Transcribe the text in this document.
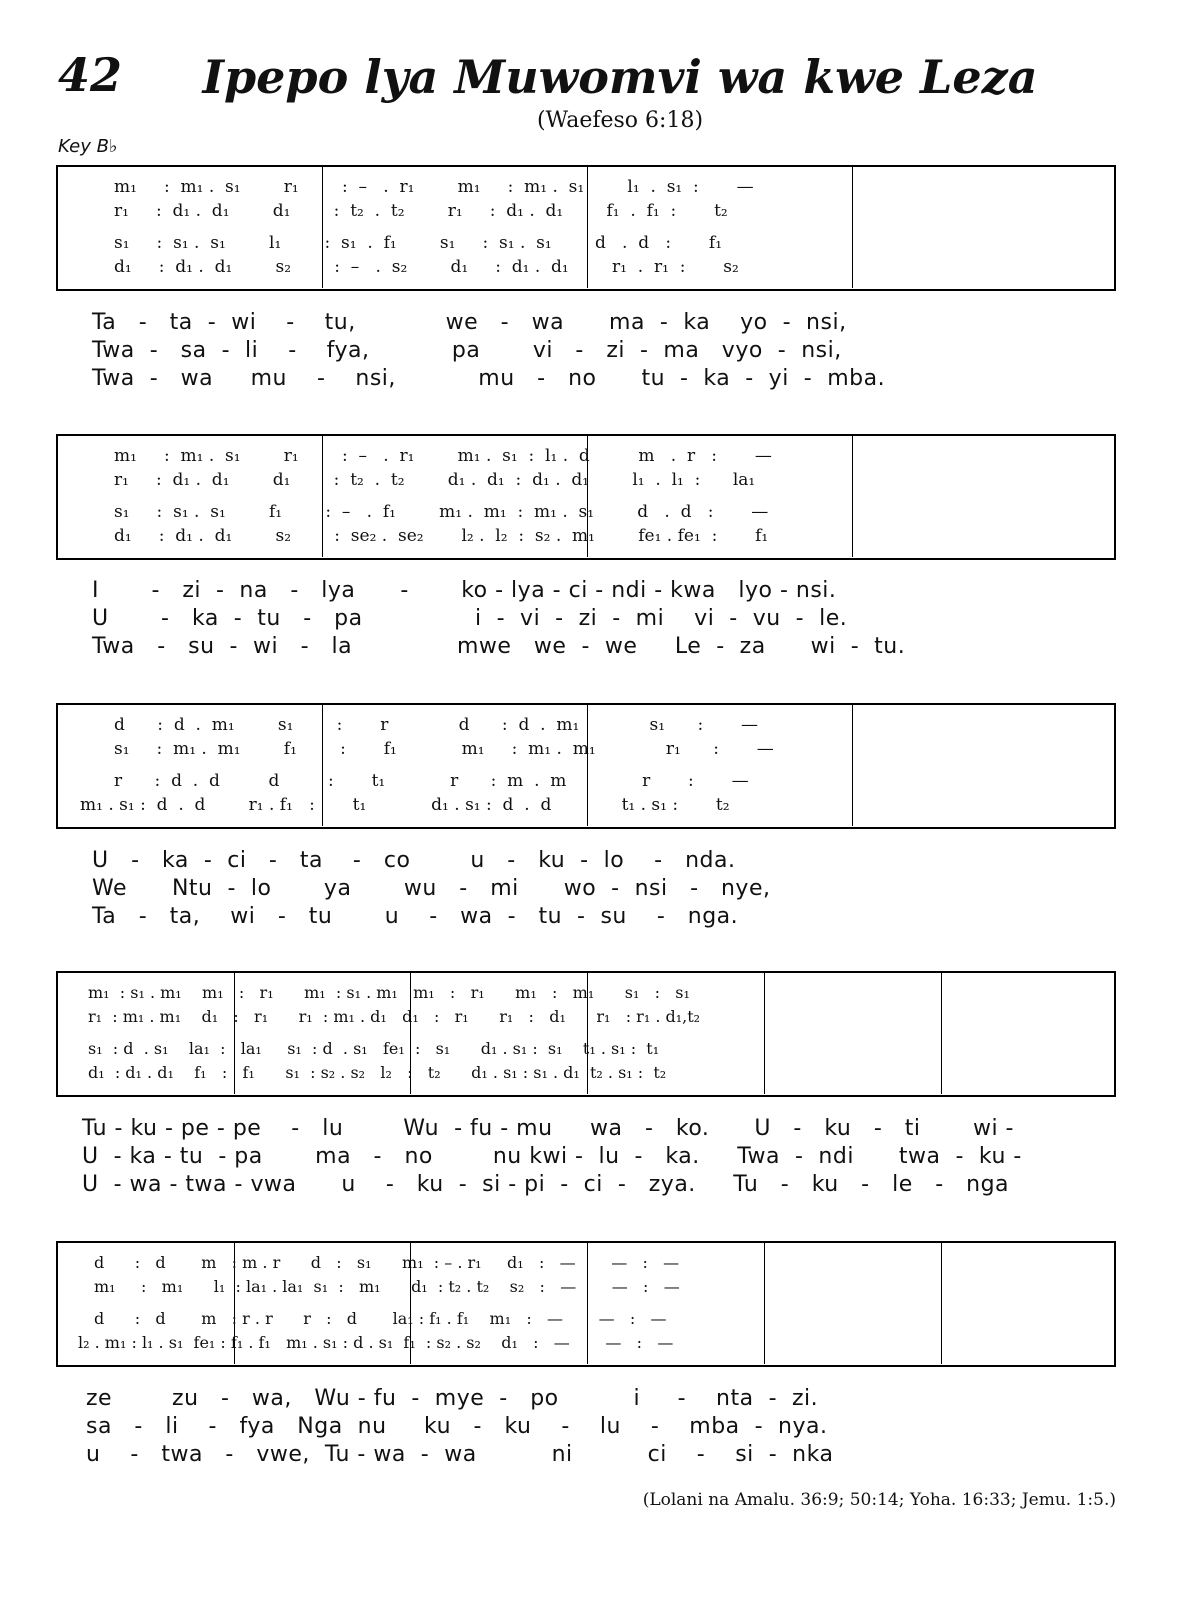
42 Ipepo lya Muwomvi wa kwe Leza
(Waefeso 6:18)
Key B♭
m₁     :  m₁ .  s₁        r₁        :  –   .  r₁        m₁     :  m₁ .  s₁        l₁  .  s₁  :       —
r₁     :  d₁ .  d₁        d₁        :  t₂  .  t₂        r₁     :  d₁ .  d₁        f₁  .  f₁  :       t₂
s₁     :  s₁ .  s₁        l₁        :  s₁  .  f₁        s₁     :  s₁ .  s₁        d   .  d   :       f₁
d₁     :  d₁ .  d₁        s₂        :  –   .  s₂        d₁     :  d₁ .  d₁        r₁  .  r₁  :       s₂
Ta   -   ta  -  wi    -    tu,            we   -   wa      ma  -  ka    yo  -  nsi,
Twa  -   sa  -  li    -    fya,           pa       vi   -   zi  -  ma   vyo  -  nsi,
Twa  -   wa     mu    -    nsi,           mu   -   no      tu  -  ka  -  yi  -  mba.
m₁     :  m₁ .  s₁        r₁        :  –   .  r₁        m₁ .  s₁  :  l₁ .  d         m   .  r   :       —
r₁     :  d₁ .  d₁        d₁        :  t₂  .  t₂        d₁ .  d₁  :  d₁ .  d₁        l₁  .  l₁  :      la₁
s₁     :  s₁ .  s₁        f₁        :  –   .  f₁        m₁ .  m₁  :  m₁ .  s₁        d   .  d   :       —
d₁     :  d₁ .  d₁        s₂        :  se₂ .  se₂       l₂ .  l₂  :  s₂ .  m₁        fe₁ . fe₁  :       f₁
I       -   zi  -  na   -   lya      -       ko - lya - ci - ndi - kwa   lyo - nsi.
U       -   ka  -  tu   -   pa               i  -  vi  -  zi  -  mi    vi  -  vu  -  le.
Twa   -   su  -  wi   -   la              mwe   we  -  we     Le  -  za      wi  -  tu.
d      :  d  .  m₁        s₁        :       r             d      :  d  .  m₁             s₁      :       —
s₁     :  m₁ .  m₁        f₁        :       f₁            m₁     :  m₁ .  m₁             r₁      :       —
r      :  d  .  d         d         :       t₁            r      :  m  .  m              r       :       —
m₁ . s₁ :  d  .  d        r₁ . f₁   :       t₁            d₁ . s₁ :  d  .  d             t₁ . s₁ :       t₂
U   -   ka  -  ci   -   ta    -   co        u   -   ku  -  lo    -   nda.
We      Ntu  -  lo       ya       wu   -   mi      wo  -  nsi   -   nye,
Ta   -   ta,    wi   -   tu       u    -   wa  -   tu  -  su    -   nga.
m₁  : s₁ . m₁    m₁   :   r₁      m₁  : s₁ . m₁   m₁   :   r₁      m₁   :   m₁      s₁   :   s₁
r₁  : m₁ . m₁    d₁   :   r₁      r₁  : m₁ . d₁   d₁   :   r₁      r₁   :   d₁      r₁   : r₁ . d₁,t₂
s₁  : d  . s₁    la₁  :   la₁     s₁  : d  . s₁   fe₁  :   s₁      d₁ . s₁ :  s₁    t₁ . s₁ :  t₁
d₁  : d₁ . d₁    f₁   :   f₁      s₁  : s₂ . s₂   l₂   :   t₂      d₁ . s₁ : s₁ . d₁  t₂ . s₁ :  t₂
Tu - ku - pe - pe    -   lu        Wu  - fu - mu     wa   -   ko.      U   -   ku   -   ti       wi -
U  - ka - tu  - pa       ma   -   no        nu kwi -  lu  -   ka.     Twa  -  ndi      twa  -  ku -
U  - wa - twa - vwa      u    -   ku  -  si - pi  -  ci  -   zya.     Tu   -   ku   -   le   -   nga
d      :   d       m   : m . r      d   :   s₁      m₁  : – . r₁     d₁   :   —       —   :   —
m₁     :   m₁      l₁  : la₁ . la₁  s₁  :   m₁      d₁  : t₂ . t₂    s₂   :   —       —   :   —
d      :   d       m   : r . r      r   :   d       la₁ : f₁ . f₁    m₁   :   —       —   :   —
l₂ . m₁ : l₁ . s₁  fe₁ : f₁ . f₁   m₁ . s₁ : d . s₁  f₁  : s₂ . s₂    d₁   :   —       —   :   —
ze        zu   -   wa,   Wu - fu  -  mye  -   po          i     -    nta  -  zi.
sa   -   li    -   fya   Nga  nu     ku   -   ku    -    lu    -    mba  -  nya.
u    -   twa   -   vwe,  Tu - wa  -  wa          ni          ci    -    si  -  nka
(Lolani na Amalu. 36:9; 50:14; Yoha. 16:33; Jemu. 1:5.)
